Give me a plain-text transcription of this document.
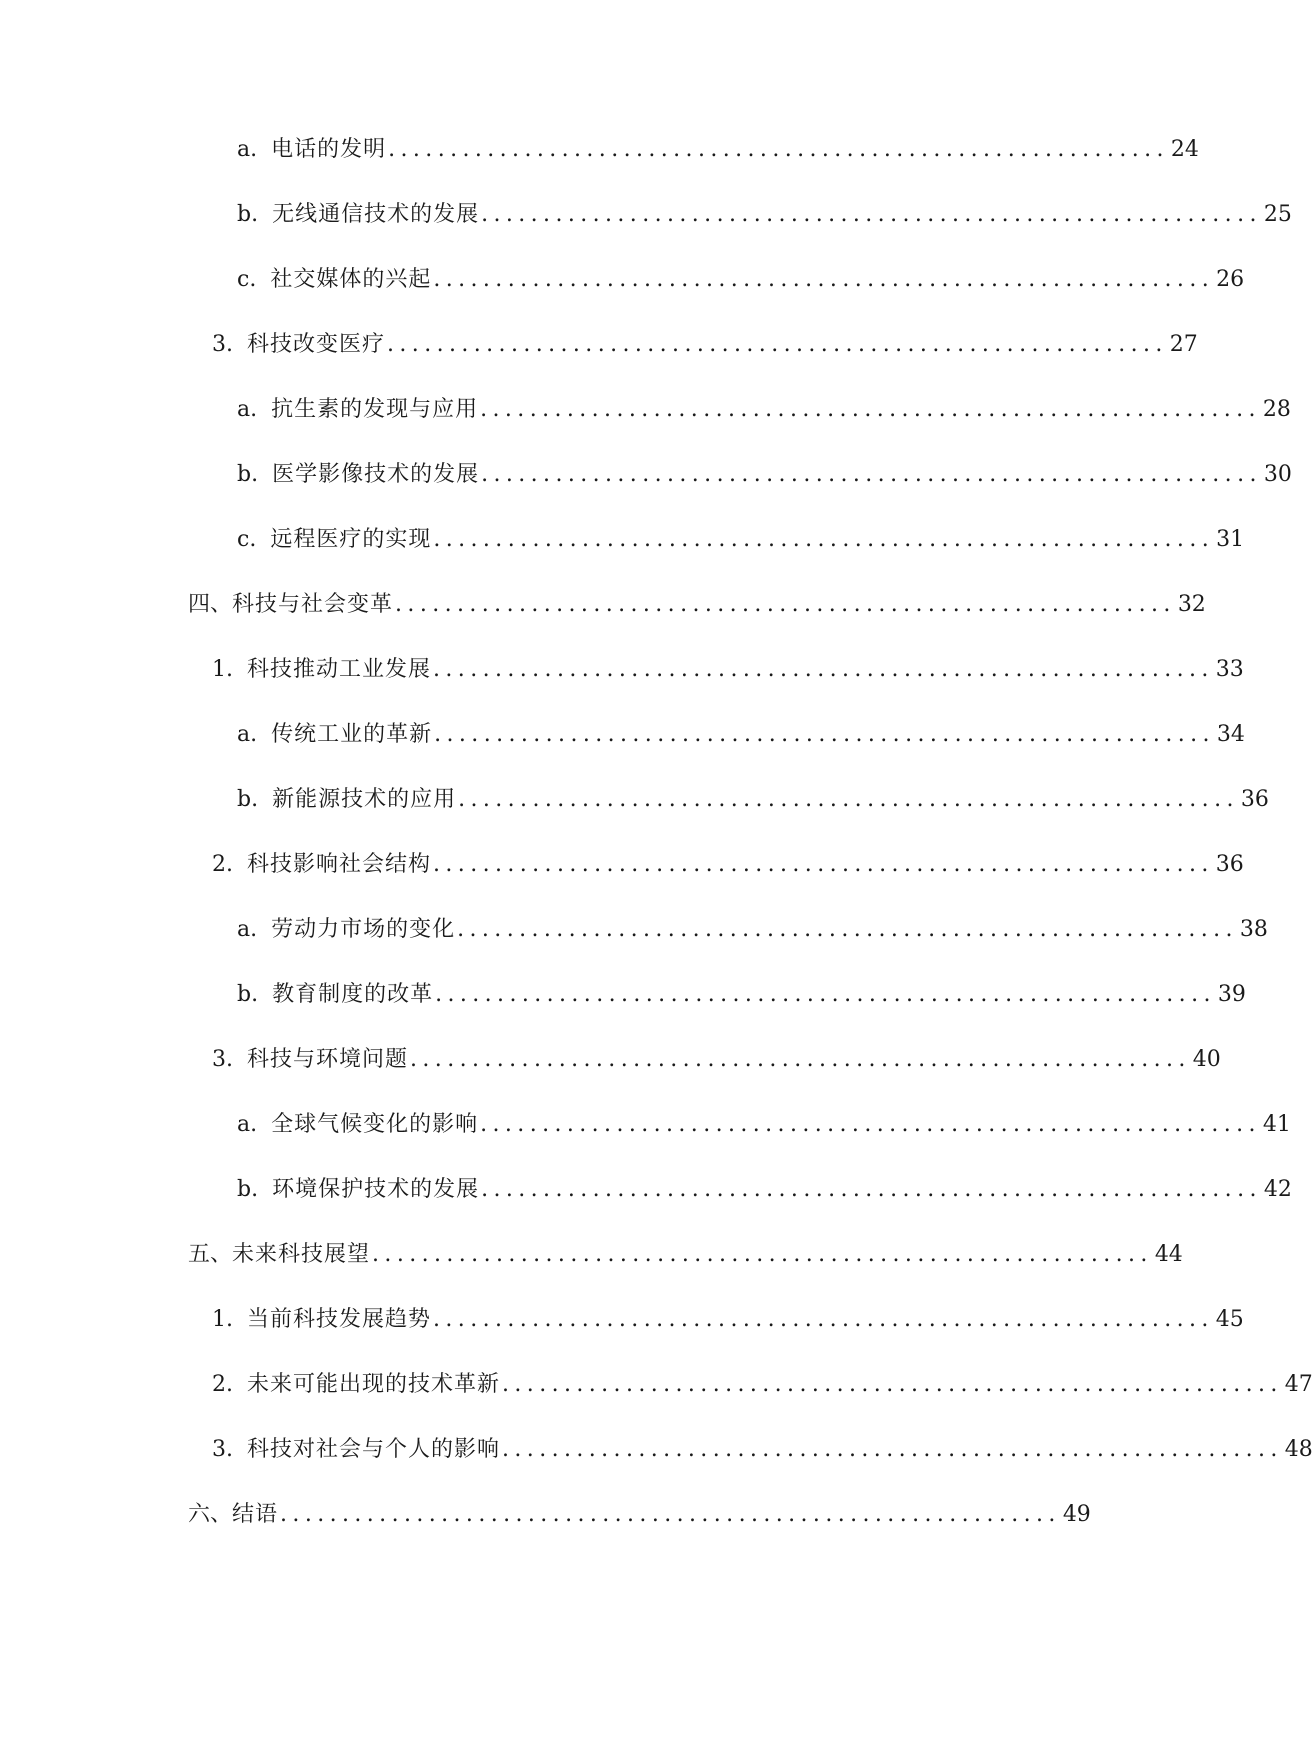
a. 电话的发明 ............................................................... 24
b. 无线通信技术的发展 ............................................................... 25
c. 社交媒体的兴起 ............................................................... 26
3. 科技改变医疗 ............................................................... 27
a. 抗生素的发现与应用 ............................................................... 28
b. 医学影像技术的发展 ............................................................... 30
c. 远程医疗的实现 ............................................................... 31
四、 科技与社会变革 ............................................................... 32
1. 科技推动工业发展 ............................................................... 33
a. 传统工业的革新 ............................................................... 34
b. 新能源技术的应用 ............................................................... 36
2. 科技影响社会结构 ............................................................... 36
a. 劳动力市场的变化 ............................................................... 38
b. 教育制度的改革 ............................................................... 39
3. 科技与环境问题 ............................................................... 40
a. 全球气候变化的影响 ............................................................... 41
b. 环境保护技术的发展 ............................................................... 42
五、 未来科技展望 ............................................................... 44
1. 当前科技发展趋势 ............................................................... 45
2. 未来可能出现的技术革新 ............................................................... 47
3. 科技对社会与个人的影响 ............................................................... 48
六、 结语 ............................................................... 49
